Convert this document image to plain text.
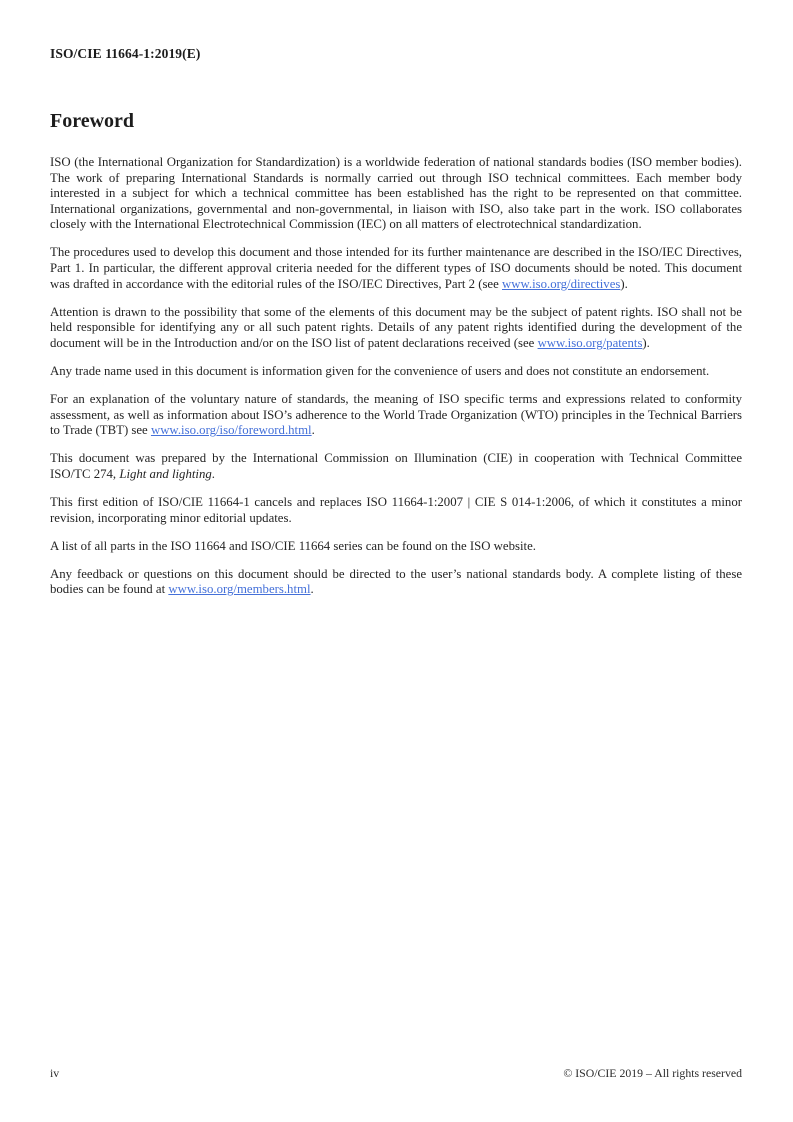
ISO/CIE 11664-1:2019(E)
Foreword

ISO (the International Organization for Standardization) is a worldwide federation of national standards bodies (ISO member bodies). The work of preparing International Standards is normally carried out through ISO technical committees. Each member body interested in a subject for which a technical committee has been established has the right to be represented on that committee. International organizations, governmental and non-governmental, in liaison with ISO, also take part in the work. ISO collaborates closely with the International Electrotechnical Commission (IEC) on all matters of electrotechnical standardization.

The procedures used to develop this document and those intended for its further maintenance are described in the ISO/IEC Directives, Part 1. In particular, the different approval criteria needed for the different types of ISO documents should be noted. This document was drafted in accordance with the editorial rules of the ISO/IEC Directives, Part 2 (see www.iso.org/directives).

Attention is drawn to the possibility that some of the elements of this document may be the subject of patent rights. ISO shall not be held responsible for identifying any or all such patent rights. Details of any patent rights identified during the development of the document will be in the Introduction and/or on the ISO list of patent declarations received (see www.iso.org/patents).

Any trade name used in this document is information given for the convenience of users and does not constitute an endorsement.

For an explanation of the voluntary nature of standards, the meaning of ISO specific terms and expressions related to conformity assessment, as well as information about ISO’s adherence to the World Trade Organization (WTO) principles in the Technical Barriers to Trade (TBT) see www.iso.org/iso/foreword.html.

This document was prepared by the International Commission on Illumination (CIE) in cooperation with Technical Committee ISO/TC 274, Light and lighting.

This first edition of ISO/CIE 11664-1 cancels and replaces ISO 11664-1:2007 | CIE S 014-1:2006, of which it constitutes a minor revision, incorporating minor editorial updates.

A list of all parts in the ISO 11664 and ISO/CIE 11664 series can be found on the ISO website.

Any feedback or questions on this document should be directed to the user’s national standards body. A complete listing of these bodies can be found at www.iso.org/members.html.

iv	© ISO/CIE 2019 – All rights reserved
